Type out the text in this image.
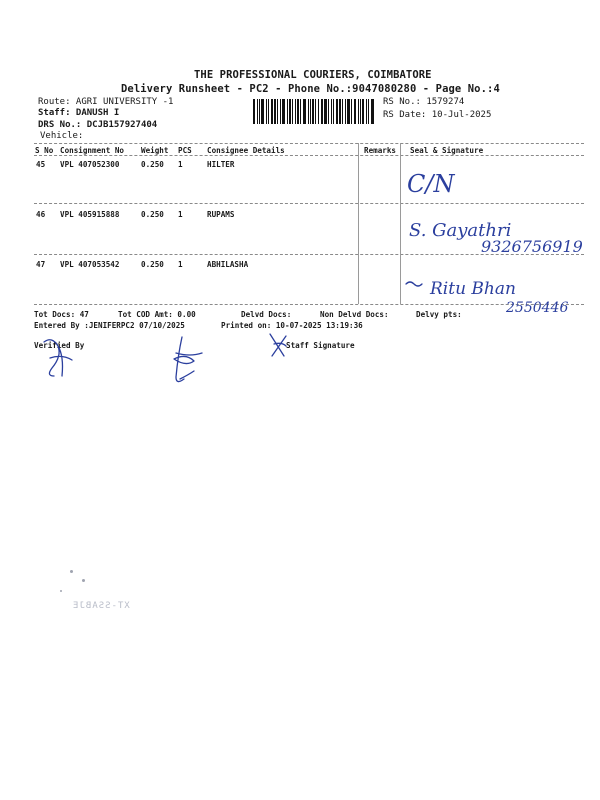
THE PROFESSIONAL COURIERS, COIMBATORE
Delivery Runsheet - PC2 - Phone No.:9047080280 - Page No.:4
Route: AGRI UNIVERSITY -1
Staff: DANUSH I
DRS No.: DCJB157927404
Vehicle:
RS No.: 1579274
RS Date: 10-Jul-2025
S No Consignment No Weight PCS Consignee Details	Remarks Seal & Signature
45 VPL 407052300	0.250 1	HILTER
46 VPL 405915888	0.250 1	RUPAMS
47 VPL 407053542	0.250 1	ABHILASHA
C/N
S. Gayathri
9326756919
Ritu Bhan
2550446
Tot Docs: 47	Tot COD Amt: 0.00	Delvd Docs:	Non Delvd Docs:	Delvy pts:
Entered By :JENIFERPC2 07/10/2025	Printed on: 10-07-2025 13:19:36
Verified By	Staff Signature
XT-SSABJE
